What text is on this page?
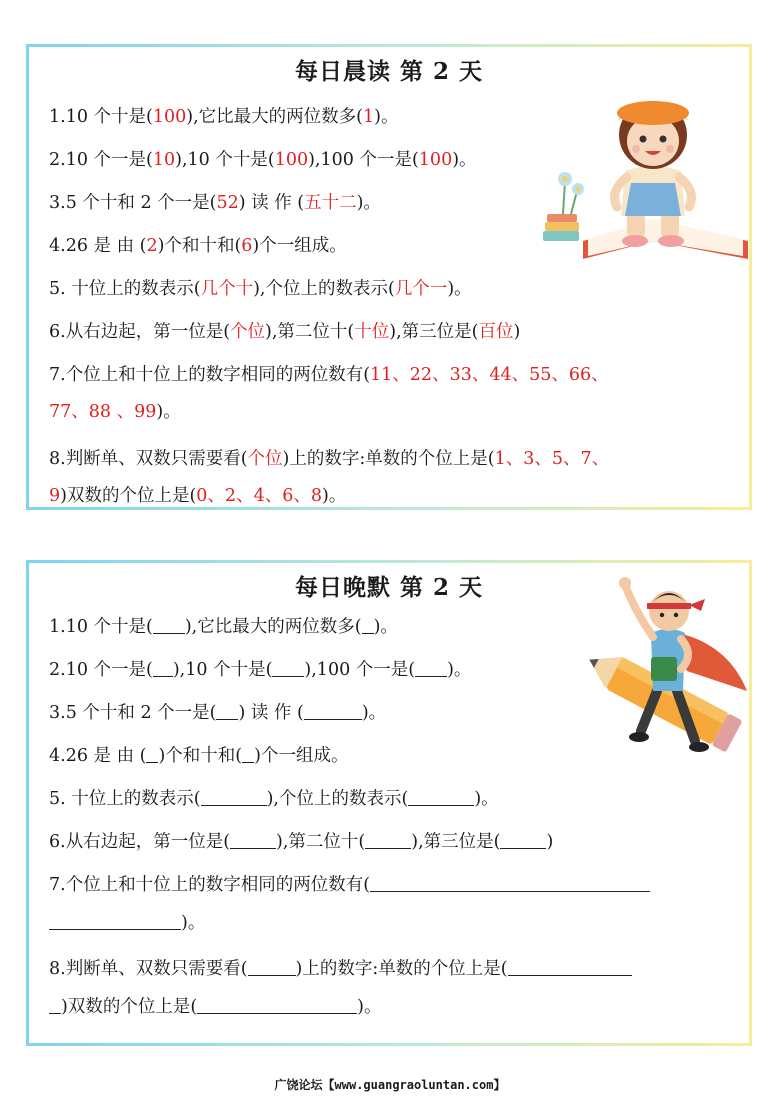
每日晨读 第 2 天
1.10 个十是(100),它比最大的两位数多(1)。
2.10 个一是(10),10 个十是(100),100 个一是(100)。
3.5 个十和 2 个一是(52) 读 作 (五十二)。
4.26 是 由 (2)个和十和(6)个一组成。
5. 十位上的数表示(几个十),个位上的数表示(几个一)。
6.从右边起，第一位是(个位),第二位十(十位),第三位是(百位)
7.个位上和十位上的数字相同的两位数有(11、22、33、44、55、66、
77、88 、99)。
8.判断单、双数只需要看(个位)上的数字:单数的个位上是(1、3、5、7、
9)双数的个位上是(0、2、4、6、8)。
每日晚默 第 2 天
1.10 个十是( ),它比最大的两位数多( )。
2.10 个一是( ),10 个十是( ),100 个一是( )。
3.5 个十和 2 个一是( ) 读 作 (	)。
4.26 是 由 ( )个和十和( )个一组成。
5. 十位上的数表示(	),个位上的数表示(	)。
6.从右边起，第一位是(	),第二位十(	),第三位是(	)
7.个位上和十位上的数字相同的两位数有(
)。
8.判断单、双数只需要看(	)上的数字:单数的个位上是(
)双数的个位上是(	)。
广饶论坛【www.guangraoluntan.com】
